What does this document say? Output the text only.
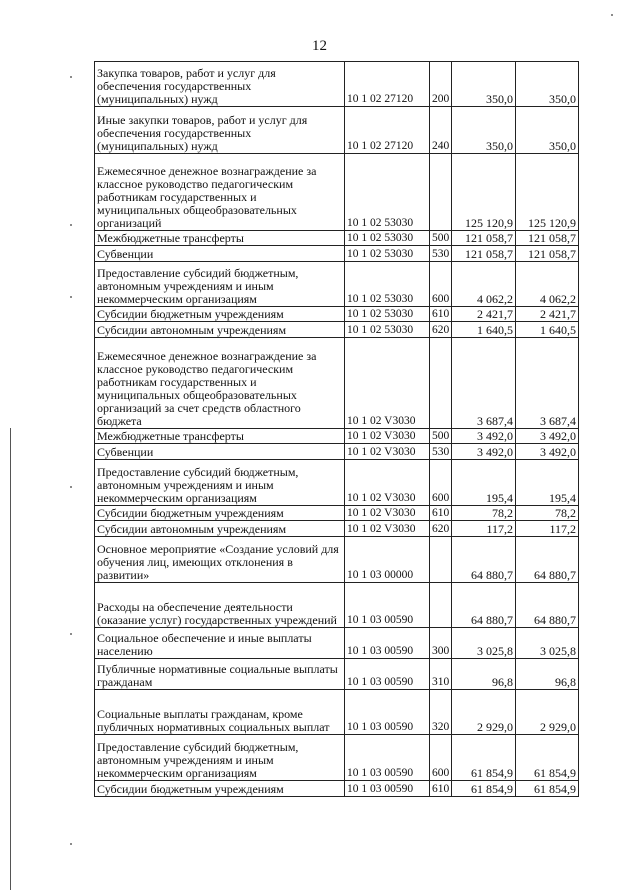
12
Закупка товаров, работ и услуг для обеспечения государственных (муниципальных) нужд	10 1 02 27120	200	350,0	350,0
Иные закупки товаров, работ и услуг для обеспечения государственных (муниципальных) нужд	10 1 02 27120	240	350,0	350,0
Ежемесячное денежное вознаграждение за классное руководство педагогическим работникам государственных и муниципальных общеобразовательных организаций	10 1 02 53030		125 120,9	125 120,9
Межбюджетные трансферты	10 1 02 53030	500	121 058,7	121 058,7
Субвенции	10 1 02 53030	530	121 058,7	121 058,7
Предоставление субсидий бюджетным, автономным учреждениям и иным некоммерческим организациям	10 1 02 53030	600	4 062,2	4 062,2
Субсидии бюджетным учреждениям	10 1 02 53030	610	2 421,7	2 421,7
Субсидии автономным учреждениям	10 1 02 53030	620	1 640,5	1 640,5
Ежемесячное денежное вознаграждение за классное руководство педагогическим работникам государственных и муниципальных общеобразовательных организаций за счет средств областного бюджета	10 1 02 V3030		3 687,4	3 687,4
Межбюджетные трансферты	10 1 02 V3030	500	3 492,0	3 492,0
Субвенции	10 1 02 V3030	530	3 492,0	3 492,0
Предоставление субсидий бюджетным, автономным учреждениям и иным некоммерческим организациям	10 1 02 V3030	600	195,4	195,4
Субсидии бюджетным учреждениям	10 1 02 V3030	610	78,2	78,2
Субсидии автономным учреждениям	10 1 02 V3030	620	117,2	117,2
Основное мероприятие «Создание условий для обучения лиц, имеющих отклонения в развитии»	10 1 03 00000		64 880,7	64 880,7
Расходы на обеспечение деятельности (оказание услуг) государственных учреждений	10 1 03 00590		64 880,7	64 880,7
Социальное обеспечение и иные выплаты населению	10 1 03 00590	300	3 025,8	3 025,8
Публичные нормативные социальные выплаты гражданам	10 1 03 00590	310	96,8	96,8
Социальные выплаты гражданам, кроме публичных нормативных социальных выплат	10 1 03 00590	320	2 929,0	2 929,0
Предоставление субсидий бюджетным, автономным учреждениям и иным некоммерческим организациям	10 1 03 00590	600	61 854,9	61 854,9
Субсидии бюджетным учреждениям	10 1 03 00590	610	61 854,9	61 854,9
